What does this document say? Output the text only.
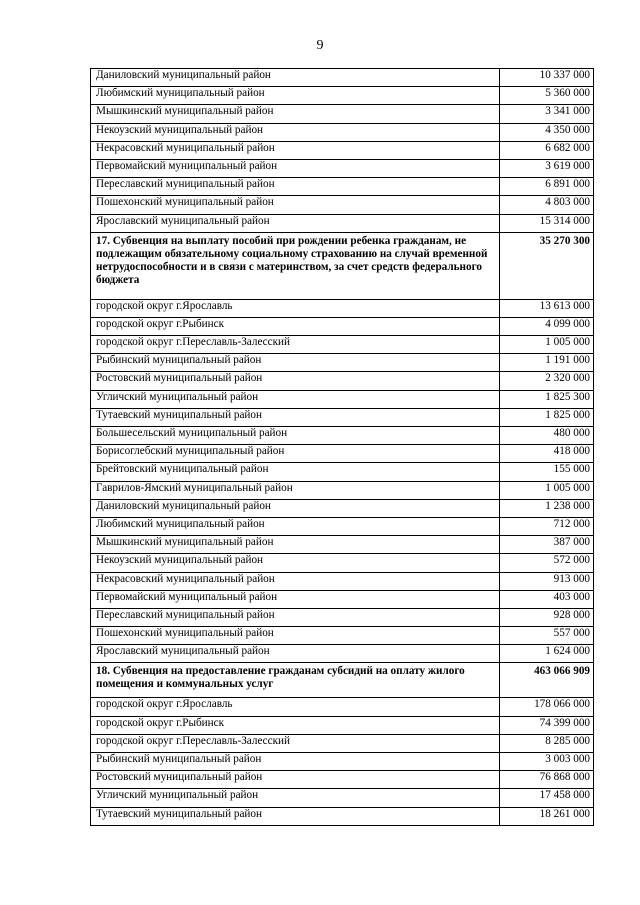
9
Даниловский муниципальный район	10 337 000
Любимский муниципальный район	5 360 000
Мышкинский муниципальный район	3 341 000
Некоузский муниципальный район	4 350 000
Некрасовский муниципальный район	6 682 000
Первомайский муниципальный район	3 619 000
Переславский муниципальный район	6 891 000
Пошехонский муниципальный район	4 803 000
Ярославский муниципальный район	15 314 000
17. Субвенция на выплату пособий при рождении ребенка гражданам, не подлежащим обязательному социальному страхованию на случай временной нетрудоспособности и в связи с материнством, за счет средств федерального бюджета	35 270 300
городской округ г.Ярославль	13 613 000
городской округ г.Рыбинск	4 099 000
городской округ г.Переславль-Залесский	1 005 000
Рыбинский муниципальный район	1 191 000
Ростовский муниципальный район	2 320 000
Угличский муниципальный район	1 825 300
Тутаевский муниципальный район	1 825 000
Большесельский муниципальный район	480 000
Борисоглебский муниципальный район	418 000
Брейтовский муниципальный район	155 000
Гаврилов-Ямский муниципальный район	1 005 000
Даниловский муниципальный район	1 238 000
Любимский муниципальный район	712 000
Мышкинский муниципальный район	387 000
Некоузский муниципальный район	572 000
Некрасовский муниципальный район	913 000
Первомайский муниципальный район	403 000
Переславский муниципальный район	928 000
Пошехонский муниципальный район	557 000
Ярославский муниципальный район	1 624 000
18. Субвенция на предоставление гражданам субсидий на оплату жилого помещения и коммунальных услуг	463 066 909
городской округ г.Ярославль	178 066 000
городской округ г.Рыбинск	74 399 000
городской округ г.Переславль-Залесский	8 285 000
Рыбинский муниципальный район	3 003 000
Ростовский муниципальный район	76 868 000
Угличский муниципальный район	17 458 000
Тутаевский муниципальный район	18 261 000
